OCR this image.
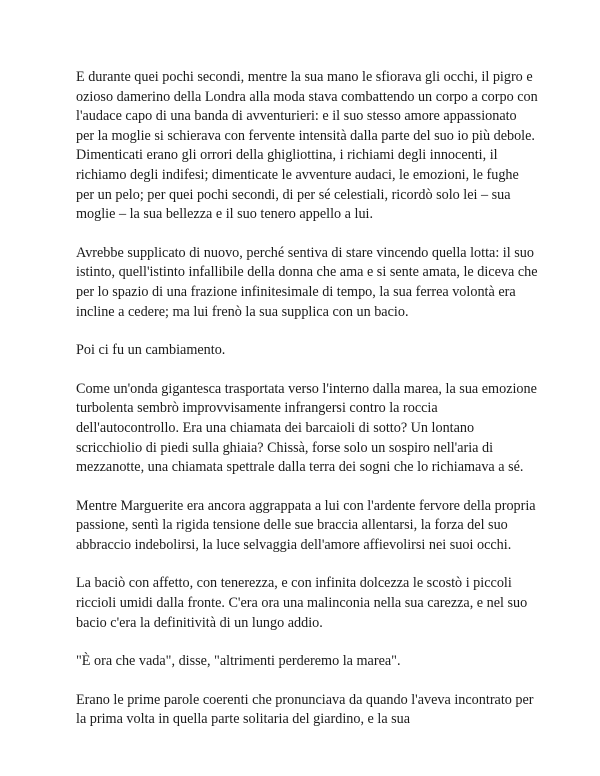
E durante quei pochi secondi, mentre la sua mano le sfiorava gli occhi, il pigro e ozioso damerino della Londra alla moda stava combattendo un corpo a corpo con l'audace capo di una banda di avventurieri: e il suo stesso amore appassionato per la moglie si schierava con fervente intensità dalla parte del suo io più debole. Dimenticati erano gli orrori della ghigliottina, i richiami degli innocenti, il richiamo degli indifesi; dimenticate le avventure audaci, le emozioni, le fughe per un pelo; per quei pochi secondi, di per sé celestiali, ricordò solo lei – sua moglie – la sua bellezza e il suo tenero appello a lui.

Avrebbe supplicato di nuovo, perché sentiva di stare vincendo quella lotta: il suo istinto, quell'istinto infallibile della donna che ama e si sente amata, le diceva che per lo spazio di una frazione infinitesimale di tempo, la sua ferrea volontà era incline a cedere; ma lui frenò la sua supplica con un bacio.

Poi ci fu un cambiamento.

Come un'onda gigantesca trasportata verso l'interno dalla marea, la sua emozione turbolenta sembrò improvvisamente infrangersi contro la roccia dell'autocontrollo. Era una chiamata dei barcaioli di sotto? Un lontano scricchiolio di piedi sulla ghiaia? Chissà, forse solo un sospiro nell'aria di mezzanotte, una chiamata spettrale dalla terra dei sogni che lo richiamava a sé.

Mentre Marguerite era ancora aggrappata a lui con l'ardente fervore della propria passione, sentì la rigida tensione delle sue braccia allentarsi, la forza del suo abbraccio indebolirsi, la luce selvaggia dell'amore affievolirsi nei suoi occhi.

La baciò con affetto, con tenerezza, e con infinita dolcezza le scostò i piccoli riccioli umidi dalla fronte. C'era ora una malinconia nella sua carezza, e nel suo bacio c'era la definitività di un lungo addio.

"È ora che vada", disse, "altrimenti perderemo la marea".

Erano le prime parole coerenti che pronunciava da quando l'aveva incontrato per la prima volta in quella parte solitaria del giardino, e la sua
